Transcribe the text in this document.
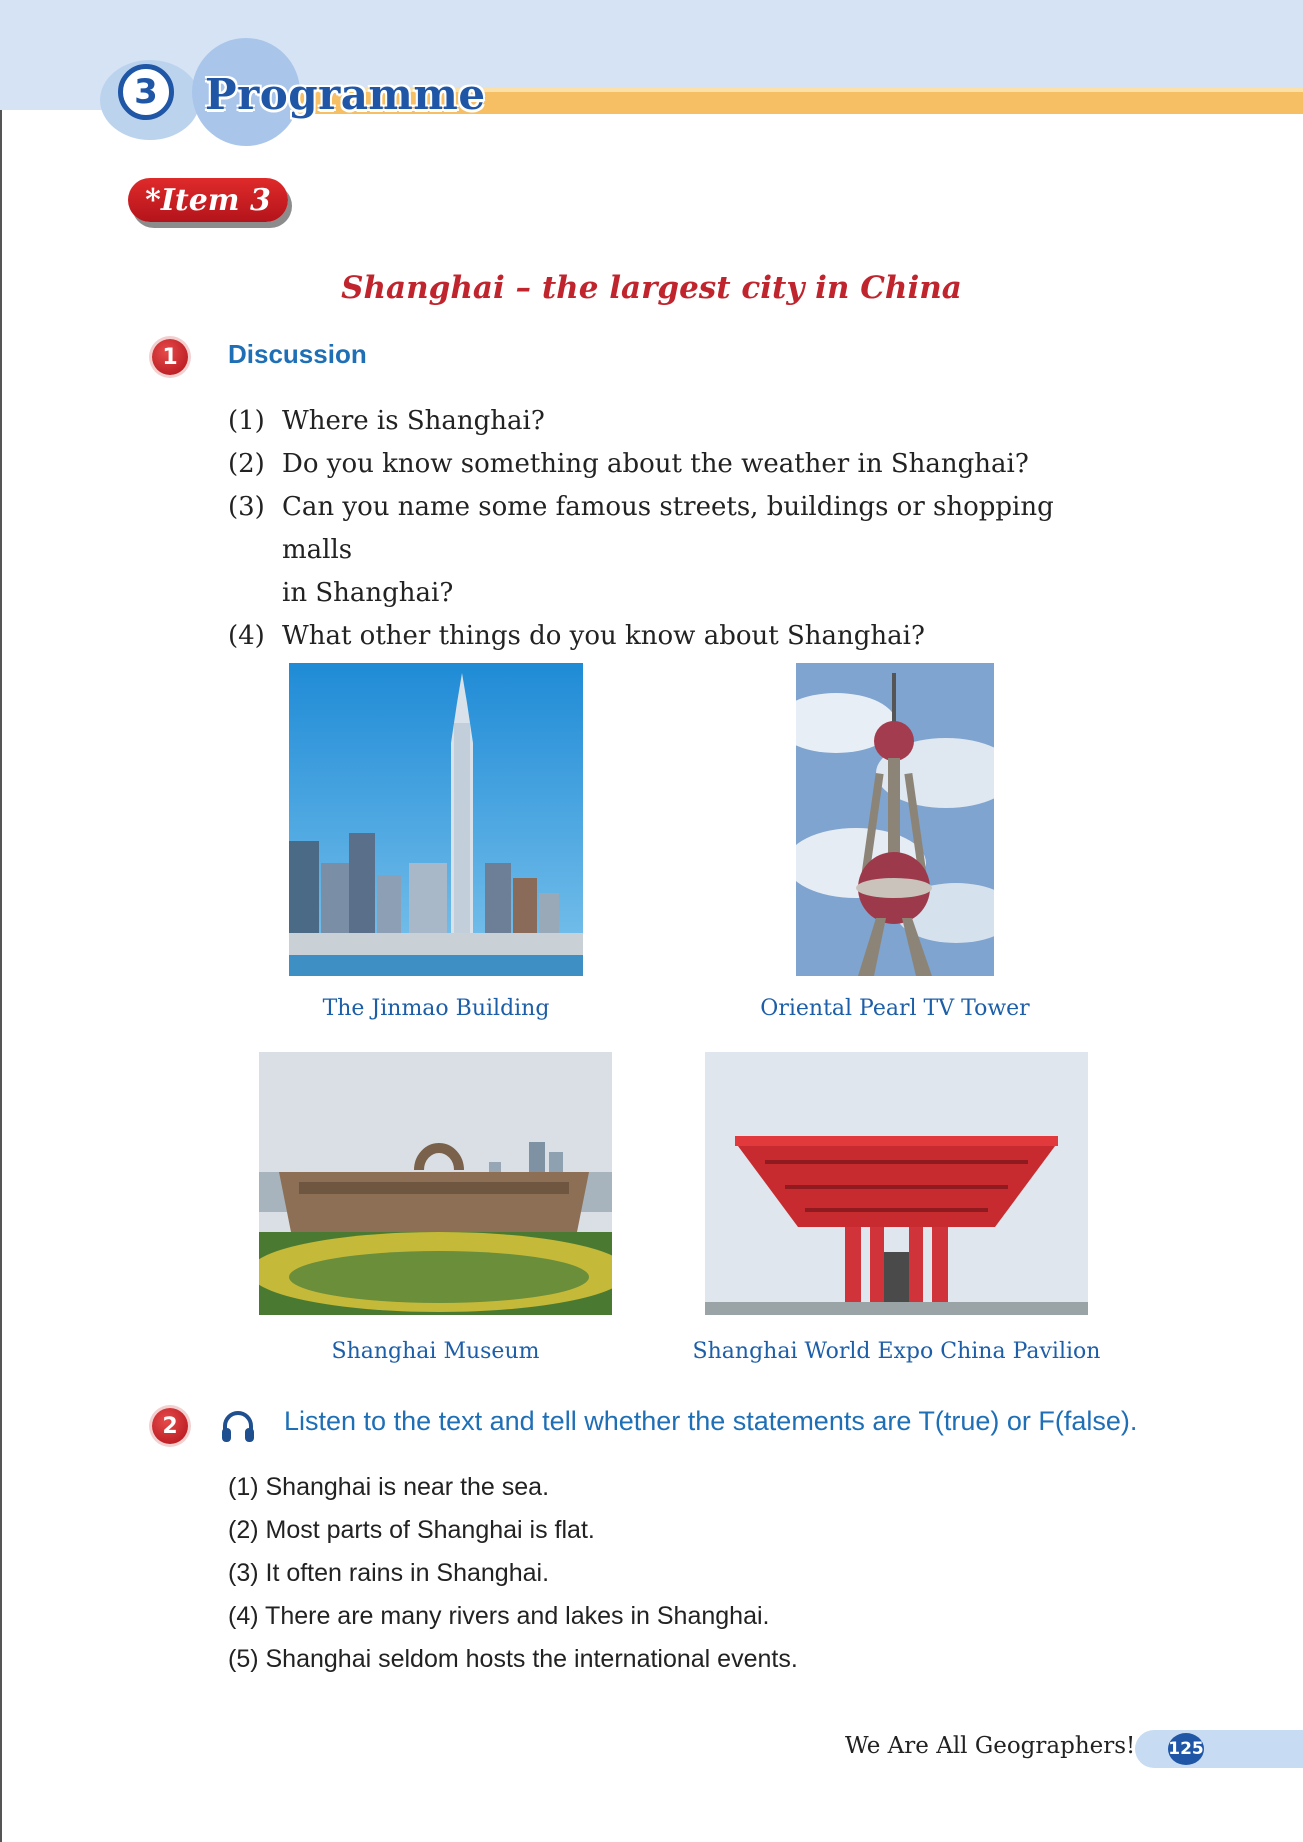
3	Programme
*Item 3
Shanghai – the largest city in China
1	Discussion
(1) Where is Shanghai?
(2) Do you know something about the weather in Shanghai?
(3) Can you name some famous streets, buildings or shopping malls
in Shanghai?
(4) What other things do you know about Shanghai?
The Jinmao Building	Oriental Pearl TV Tower
Shanghai Museum	Shanghai World Expo China Pavilion
2	Listen to the text and tell whether the statements are T(true) or F(false).
(1) Shanghai is near the sea.
(2) Most parts of Shanghai is flat.
(3) It often rains in Shanghai.
(4) There are many rivers and lakes in Shanghai.
(5) Shanghai seldom hosts the international events.
We Are All Geographers! 125
